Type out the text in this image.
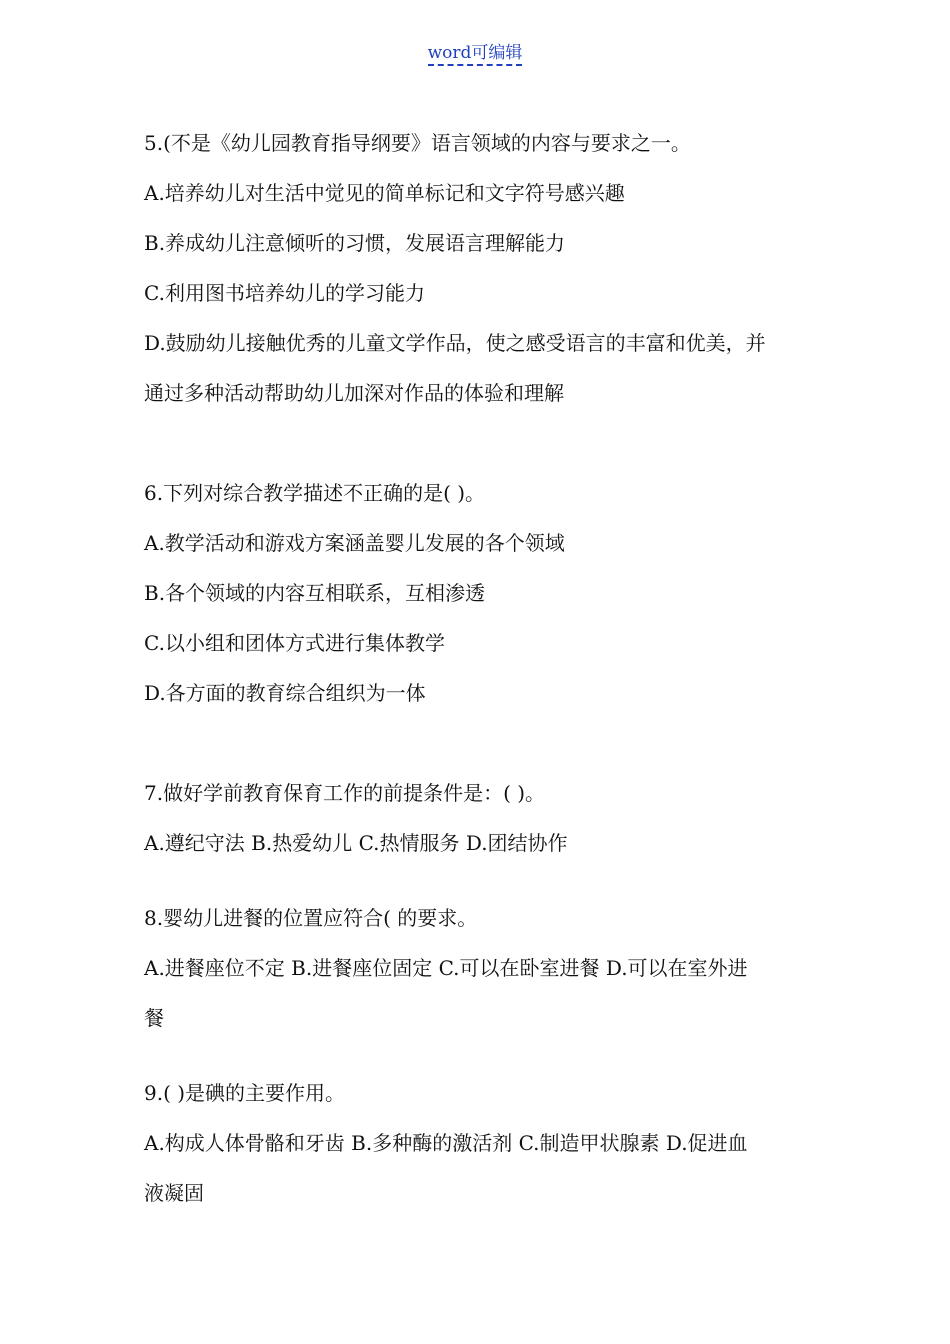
word可编辑
5.(不是《幼儿园教育指导纲要》语言领域的内容与要求之一。
A.培养幼儿对生活中觉见的简单标记和文字符号感兴趣
B.养成幼儿注意倾听的习惯，发展语言理解能力
C.利用图书培养幼儿的学习能力
D.鼓励幼儿接触优秀的儿童文学作品，使之感受语言的丰富和优美，并
通过多种活动帮助幼儿加深对作品的体验和理解
6.下列对综合教学描述不正确的是( )。
A.教学活动和游戏方案涵盖婴儿发展的各个领域
B.各个领域的内容互相联系，互相渗透
C.以小组和团体方式进行集体教学
D.各方面的教育综合组织为一体
7.做好学前教育保育工作的前提条件是：( )。
A.遵纪守法 B.热爱幼儿 C.热情服务 D.团结协作
8.婴幼儿进餐的位置应符合( 的要求。
A.进餐座位不定 B.进餐座位固定 C.可以在卧室进餐 D.可以在室外进
餐
9.( )是碘的主要作用。
A.构成人体骨骼和牙齿 B.多种酶的激活剂 C.制造甲状腺素 D.促进血
液凝固
